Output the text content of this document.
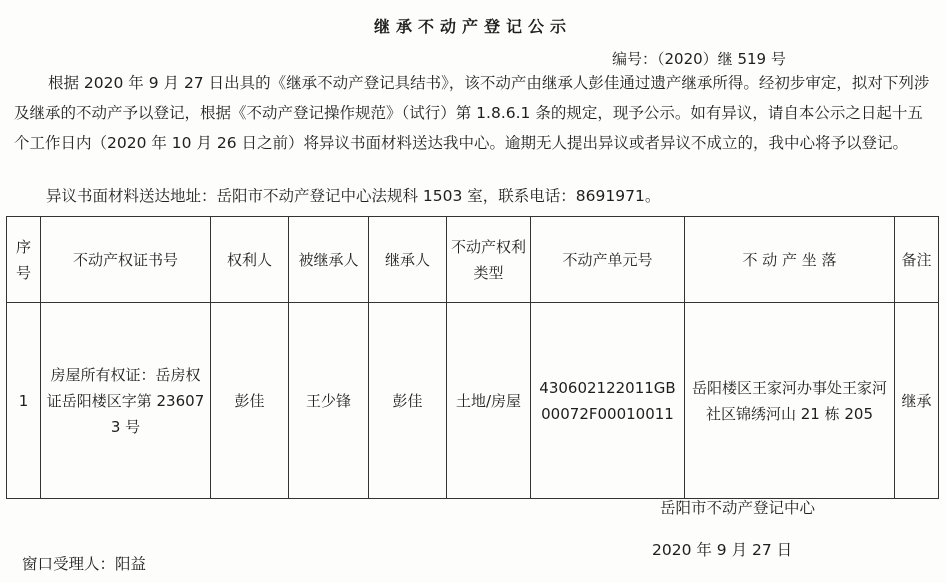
继承不动产登记公示
编号：（2020）继 519 号

根据 2020 年 9 月 27 日出具的《继承不动产登记具结书》，该不动产由继承人彭佳通过遗产继承所得。经初步审定，拟对下列涉及继承的不动产予以登记，根据《不动产登记操作规范》（试行）第 1.8.6.1 条的规定，现予公示。如有异议，请自本公示之日起十五个工作日内（2020 年 10 月 26 日之前）将异议书面材料送达我中心。逾期无人提出异议或者异议不成立的，我中心将予以登记。

异议书面材料送达地址：岳阳市不动产登记中心法规科 1503 室，联系电话：8691971。
序号	不动产权证书号	权利人	被继承人	继承人	不动产权利类型	不动产单元号	不 动 产 坐 落	备注
1	房屋所有权证：岳房权证岳阳楼区字第 236073 号	彭佳	王少锋	彭佳	土地/房屋	430602122011GB00072F00010011	岳阳楼区王家河办事处王家河社区锦绣河山 21 栋 205	继承
岳阳市不动产登记中心
2020 年 9 月 27 日
窗口受理人：阳益
